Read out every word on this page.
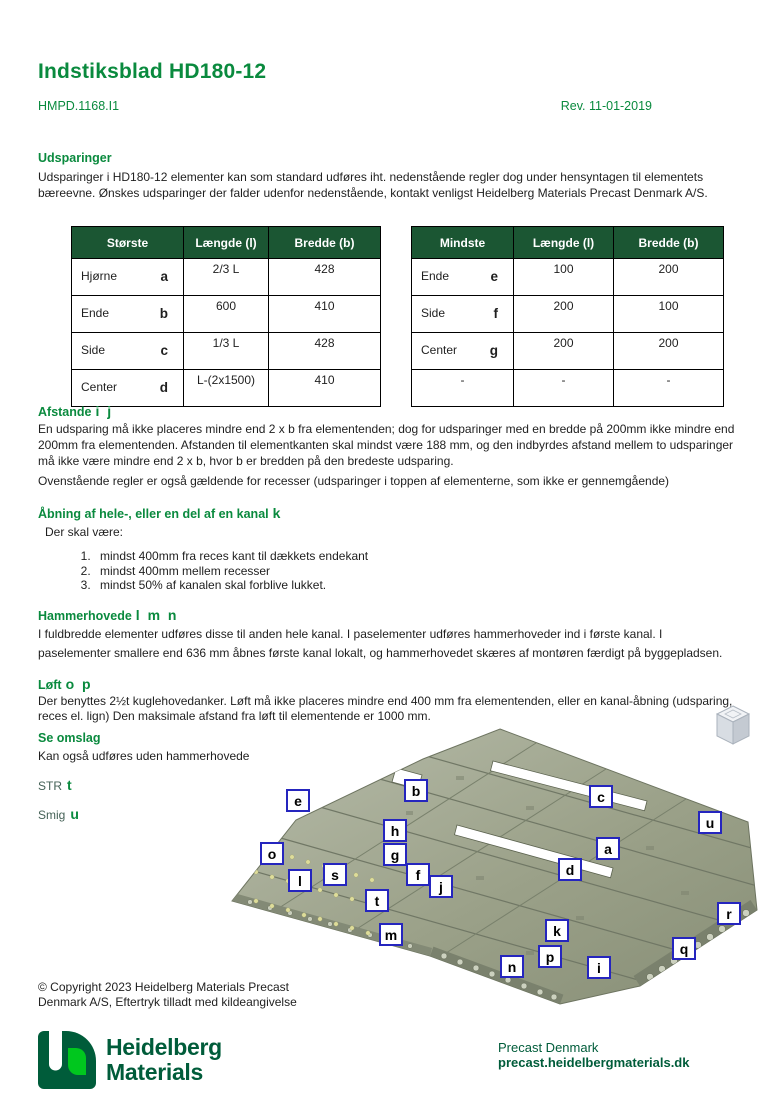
Indstiksblad HD180-12
HMPD.1168.I1	Rev. 11-01-2019
Udsparinger
Udsparinger i HD180-12 elementer kan som standard udføres iht. nedenstående regler dog under hensyntagen til elementets bæreevne. Ønskes udsparinger der falder udenfor nedenstående, kontakt venligst Heidelberg Materials Precast Denmark A/S.
Største	Længde (l)	Bredde (b)

Hjørne a	2/3 L	428

Ende b	600	410

Side c	1/3 L	428

Center d	L-(2x1500)	410
Mindste	Længde (l)	Bredde (b)

Ende e	100	200

Side f	200	100

Center g	200	200
-	-	-
Afstande i j
En udsparing må ikke placeres mindre end 2 x b fra elementenden; dog for udsparinger med en bredde på 200mm ikke mindre end 200mm fra elementenden. Afstanden til elementkanten skal mindst være 188 mm, og den indbyrdes afstand mellem to udsparinger må ikke være mindre end 2 x b, hvor b er bredden på den bredeste udsparing.
Ovenstående regler er også gældende for recesser (udsparinger i toppen af elementerne, som ikke er gennemgående)
Åbning af hele-, eller en del af en kanal k
Der skal være:
1. mindst 400mm fra reces kant til dækkets endekant
2. mindst 400mm mellem recesser
3. mindst 50% af kanalen skal forblive lukket.
Hammerhovede l m n
I fuldbredde elementer udføres disse til anden hele kanal. I paselementer udføres hammerhoveder ind i første kanal. I paselementer smallere end 636 mm åbnes første kanal lokalt, og hammerhovedet skæres af montøren færdigt på byggepladsen.
Løft o p
Der benyttes 2½t kuglehovedanker. Løft må ikke placeres mindre end 400 mm fra elementenden, eller en kanal-åbning (udsparing, reces el. lign) Den maksimale afstand fra løft til elementende er 1000 mm.
Se omslag
Kan også udføres uden hammerhovede
STR t
Smig u
a
b	c
d
e
f
g
h
i
j
k
l
m
n
o
p	q
r
s
t
u
© Copyright 2023 Heidelberg Materials Precast
Denmark A/S, Eftertryk tilladt med kildeangivelse
Heidelberg
Materials
Precast Denmark
precast.heidelbergmaterials.dk
